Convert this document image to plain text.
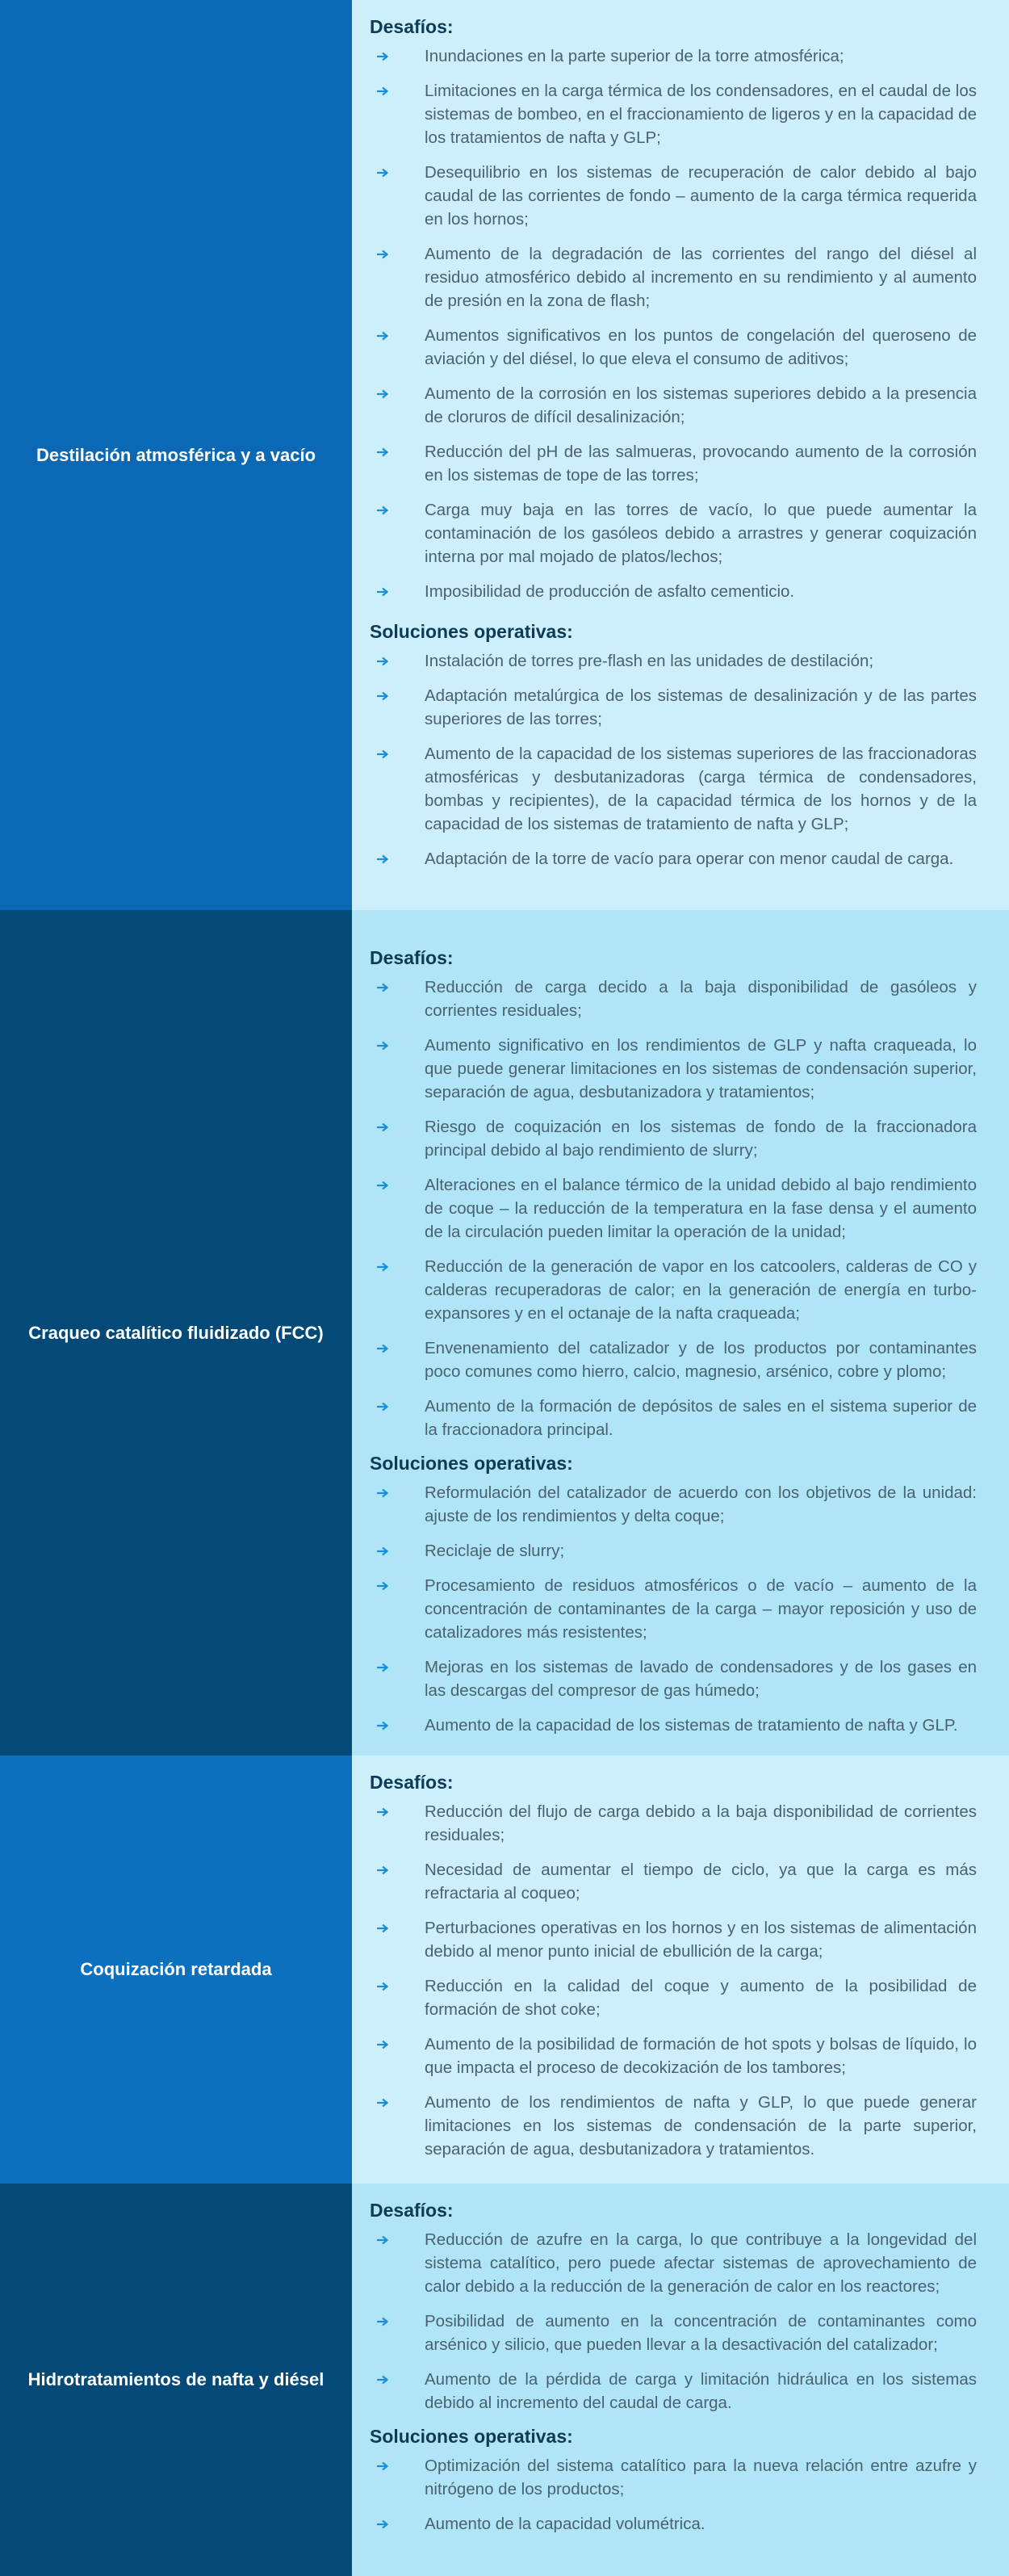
Destilación atmosférica y a vacío
Desafíos:
Inundaciones en la parte superior de la torre atmosférica;
Limitaciones en la carga térmica de los condensadores, en el caudal de los sistemas de bombeo, en el fraccionamiento de ligeros y en la capacidad de los tratamientos de nafta y GLP;
Desequilibrio en los sistemas de recuperación de calor debido al bajo caudal de las corrientes de fondo – aumento de la carga térmica requerida en los hornos;
Aumento de la degradación de las corrientes del rango del diésel al residuo atmosférico debido al incremento en su rendimiento y al aumento de presión en la zona de flash;
Aumentos significativos en los puntos de congelación del queroseno de aviación y del diésel, lo que eleva el consumo de aditivos;
Aumento de la corrosión en los sistemas superiores debido a la presencia de cloruros de difícil desalinización;
Reducción del pH de las salmueras, provocando aumento de la corrosión en los sistemas de tope de las torres;
Carga muy baja en las torres de vacío, lo que puede aumentar la contaminación de los gasóleos debido a arrastres y generar coquización interna por mal mojado de platos/lechos;
Imposibilidad de producción de asfalto cementicio.
Soluciones operativas:
Instalación de torres pre-flash en las unidades de destilación;
Adaptación metalúrgica de los sistemas de desalinización y de las partes superiores de las torres;
Aumento de la capacidad de los sistemas superiores de las fraccionadoras atmosféricas y desbutanizadoras (carga térmica de condensadores, bombas y recipientes), de la capacidad térmica de los hornos y de la capacidad de los sistemas de tratamiento de nafta y GLP;
Adaptación de la torre de vacío para operar con menor caudal de carga.
Craqueo catalítico fluidizado (FCC)
Desafíos:
Reducción de carga decido a la baja disponibilidad de gasóleos y corrientes residuales;
Aumento significativo en los rendimientos de GLP y nafta craqueada, lo que puede generar limitaciones en los sistemas de condensación superior, separación de agua, desbutanizadora y tratamientos;
Riesgo de coquización en los sistemas de fondo de la fraccionadora principal debido al bajo rendimiento de slurry;
Alteraciones en el balance térmico de la unidad debido al bajo rendimiento de coque – la reducción de la temperatura en la fase densa y el aumento de la circulación pueden limitar la operación de la unidad;
Reducción de la generación de vapor en los catcoolers, calderas de CO y calderas recuperadoras de calor; en la generación de energía en turbo-expansores y en el octanaje de la nafta craqueada;
Envenenamiento del catalizador y de los productos por contaminantes poco comunes como hierro, calcio, magnesio, arsénico, cobre y plomo;
Aumento de la formación de depósitos de sales en el sistema superior de la fraccionadora principal.
Soluciones operativas:
Reformulación del catalizador de acuerdo con los objetivos de la unidad: ajuste de los rendimientos y delta coque;
Reciclaje de slurry;
Procesamiento de residuos atmosféricos o de vacío – aumento de la concentración de contaminantes de la carga – mayor reposición y uso de catalizadores más resistentes;
Mejoras en los sistemas de lavado de condensadores y de los gases en las descargas del compresor de gas húmedo;
Aumento de la capacidad de los sistemas de tratamiento de nafta y GLP.
Coquización retardada
Desafíos:
Reducción del flujo de carga debido a la baja disponibilidad de corrientes residuales;
Necesidad de aumentar el tiempo de ciclo, ya que la carga es más refractaria al coqueo;
Perturbaciones operativas en los hornos y en los sistemas de alimentación debido al menor punto inicial de ebullición de la carga;
Reducción en la calidad del coque y aumento de la posibilidad de formación de shot coke;
Aumento de la posibilidad de formación de hot spots y bolsas de líquido, lo que impacta el proceso de decokización de los tambores;
Aumento de los rendimientos de nafta y GLP, lo que puede generar limitaciones en los sistemas de condensación de la parte superior, separación de agua, desbutanizadora y tratamientos.
Hidrotratamientos de nafta y diésel
Desafíos:
Reducción de azufre en la carga, lo que contribuye a la longevidad del sistema catalítico, pero puede afectar sistemas de aprovechamiento de calor debido a la reducción de la generación de calor en los reactores;
Posibilidad de aumento en la concentración de contaminantes como arsénico y silicio, que pueden llevar a la desactivación del catalizador;
Aumento de la pérdida de carga y limitación hidráulica en los sistemas debido al incremento del caudal de carga.
Soluciones operativas:
Optimización del sistema catalítico para la nueva relación entre azufre y nitrógeno de los productos;
Aumento de la capacidad volumétrica.
